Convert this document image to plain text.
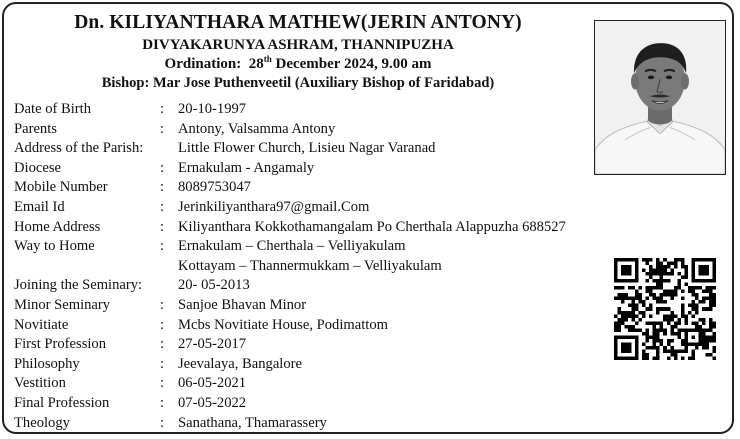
Dn. KILIYANTHARA MATHEW(JERIN ANTONY)
DIVYAKARUNYA ASHRAM, THANNIPUZHA
Ordination: 28th December 2024, 9.00 am
Bishop: Mar Jose Puthenveetil (Auxiliary Bishop of Faridabad)
Date of Birth	: 20-10-1997
Parents	: Antony, Valsamma Antony
Address of the Parish: Little Flower Church, Lisieu Nagar Varanad
Diocese	: Ernakulam - Angamaly
Mobile Number	: 8089753047
Email Id	: Jerinkiliyanthara97@gmail.Com
Home Address	: Kiliyanthara Kokkothamangalam Po Cherthala Alappuzha 688527
Way to Home	: Ernakulam – Cherthala – Velliyakulam
Kottayam – Thannermukkam – Velliyakulam
Joining the Seminary: 20- 05-2013
Minor Seminary	: Sanjoe Bhavan Minor
Novitiate	: Mcbs Novitiate House, Podimattom
First Profession	: 27-05-2017
Philosophy	: Jeevalaya, Bangalore
Vestition	: 06-05-2021
Final Profession	: 07-05-2022
Theology	: Sanathana, Thamarassery
